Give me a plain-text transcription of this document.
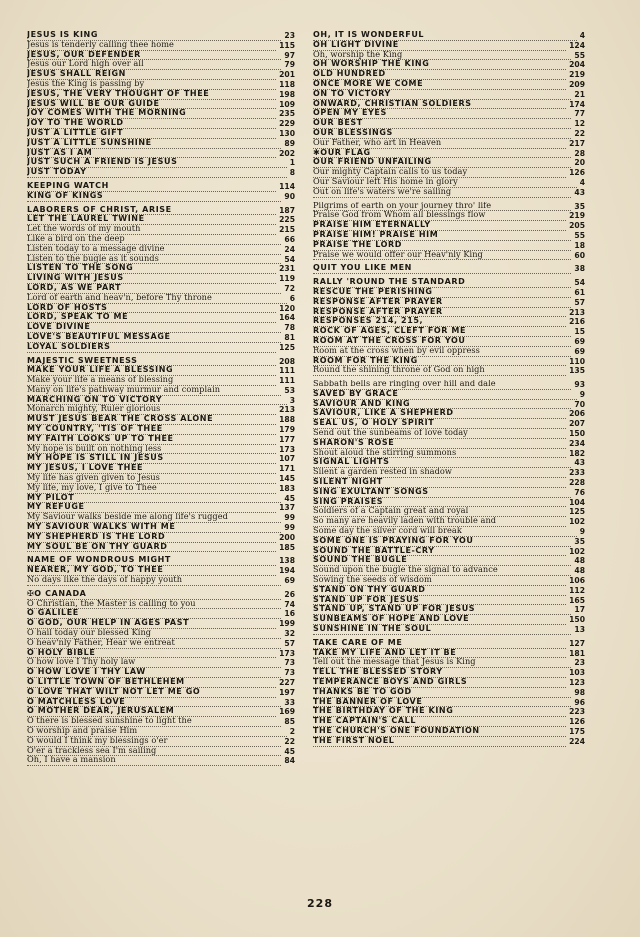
JESUS IS KING	23
Jesus is tenderly calling thee home	115
JESUS, OUR DEFENDER	97
Jesus our Lord high over all	79
JESUS SHALL REIGN	201
Jesus the King is passing by	118
JESUS, THE VERY THOUGHT OF THEE	198
JESUS WILL BE OUR GUIDE	109
JOY COMES WITH THE MORNING	235
JOY TO THE WORLD	229
JUST A LITTLE GIFT	130
JUST A LITTLE SUNSHINE	89
JUST AS I AM	202
JUST SUCH A FRIEND IS JESUS	1
JUST TODAY	8
KEEPING WATCH	114
KING OF KINGS	90
LABORERS OF CHRIST, ARISE	187
LET THE LAUREL TWINE	225
Let the words of my mouth	215
Like a bird on the deep	66
Listen today to a message divine	24
Listen to the bugle as it sounds	54
LISTEN TO THE SONG	231
LIVING WITH JESUS	119
LORD, AS WE PART	72
Lord of earth and heav'n, before Thy throne	6
LORD OF HOSTS	120
LORD, SPEAK TO ME	164
LOVE DIVINE	78
LOVE'S BEAUTIFUL MESSAGE	81
LOYAL SOLDIERS	125
MAJESTIC SWEETNESS	208
MAKE YOUR LIFE A BLESSING	111
Make your life a means of blessing	111
Many on life's pathway murmur and complain	53
MARCHING ON TO VICTORY	3
Monarch mighty, Ruler glorious	213
MUST JESUS BEAR THE CROSS ALONE	188
MY COUNTRY, 'TIS OF THEE	179
MY FAITH LOOKS UP TO THEE	177
My hope is built on nothing less	173
MY HOPE IS STILL IN JESUS	107
MY JESUS, I LOVE THEE	171
My life has given given to Jesus	145
My life, my love, I give to Thee	183
MY PILOT	45
MY REFUGE	137
My Saviour walks beside me along life's rugged	99
MY SAVIOUR WALKS WITH ME	99
MY SHEPHERD IS THE LORD	200
MY SOUL BE ON THY GUARD	185
NAME OF WONDROUS MIGHT	138
NEARER, MY GOD, TO THEE	194
No days like the days of happy youth	69
✠O CANADA	26
O Christian, the Master is calling to you	74
O GALILEE	16
O GOD, OUR HELP IN AGES PAST	199
O hail today our blessed King	32
O heav'nly Father, Hear we entreat	57
O HOLY BIBLE	173
O how love I Thy holy law	73
O HOW LOVE I THY LAW	73
O LITTLE TOWN OF BETHLEHEM	227
O LOVE THAT WILT NOT LET ME GO	197
O MATCHLESS LOVE	33
O MOTHER DEAR, JERUSALEM	169
O there is blessed sunshine to light the	85
O worship and praise Him	2
O would I think my blessings o'er	22
O'er a trackless sea I'm sailing	45
Oh, I have a mansion	84
OH, IT IS WONDERFUL	4
OH LIGHT DIVINE	124
Oh, worship the King	55
OH WORSHIP THE KING	204
OLD HUNDRED	219
ONCE MORE WE COME	209
ON TO VICTORY	21
ONWARD, CHRISTIAN SOLDIERS	174
OPEN MY EYES	77
OUR BEST	12
OUR BLESSINGS	22
Our Father, who art in Heaven	217
✱OUR FLAG	28
OUR FRIEND UNFAILING	20
Our mighty Captain calls to us today	126
Our Saviour left His home in glory	4
Out on life's waters we're sailing	43
Pilgrims of earth on your journey thro' life	35
Praise God from Whom all blessings flow	219
PRAISE HIM ETERNALLY	205
PRAISE HIM! PRAISE HIM	55
PRAISE THE LORD	18
Praise we would offer our Heav'nly King	60
QUIT YOU LIKE MEN	38
RALLY 'ROUND THE STANDARD	54
RESCUE THE PERISHING	61
RESPONSE AFTER PRAYER	57
RESPONSE AFTER PRAYER	213
RESPONSES 214, 215,	216
ROCK OF AGES, CLEFT FOR ME	15
ROOM AT THE CROSS FOR YOU	69
Room at the cross when by evil oppress	69
ROOM FOR THE KING	110
Round the shining throne of God on high	135
Sabbath bells are ringing over hill and dale	93
SAVED BY GRACE	9
SAVIOUR AND KING	70
SAVIOUR, LIKE A SHEPHERD	206
SEAL US, O HOLY SPIRIT	207
Send out the sunbeams of love today	150
SHARON'S ROSE	234
Shout aloud the stirring summons	182
SIGNAL LIGHTS	43
Silent a garden rested in shadow	233
SILENT NIGHT	228
SING EXULTANT SONGS	76
SING PRAISES	104
Soldiers of a Captain great and royal	125
So many are heavily laden with trouble and	102
Some day the silver cord will break	9
SOME ONE IS PRAYING FOR YOU	35
SOUND THE BATTLE-CRY	102
SOUND THE BUGLE	48
Sound upon the bugle the signal to advance	48
Sowing the seeds of wisdom	106
STAND ON THY GUARD	112
STAND UP FOR JESUS	165
STAND UP, STAND UP FOR JESUS	17
SUNBEAMS OF HOPE AND LOVE	150
SUNSHINE IN THE SOUL	13
TAKE CARE OF ME	127
TAKE MY LIFE AND LET IT BE	181
Tell out the message that Jesus is King	23
TELL THE BLESSED STORY	103
TEMPERANCE BOYS AND GIRLS	123
THANKS BE TO GOD	98
THE BANNER OF LOVE	96
THE BIRTHDAY OF THE KING	223
THE CAPTAIN'S CALL	126
THE CHURCH'S ONE FOUNDATION	175
THE FIRST NOEL	224
228
